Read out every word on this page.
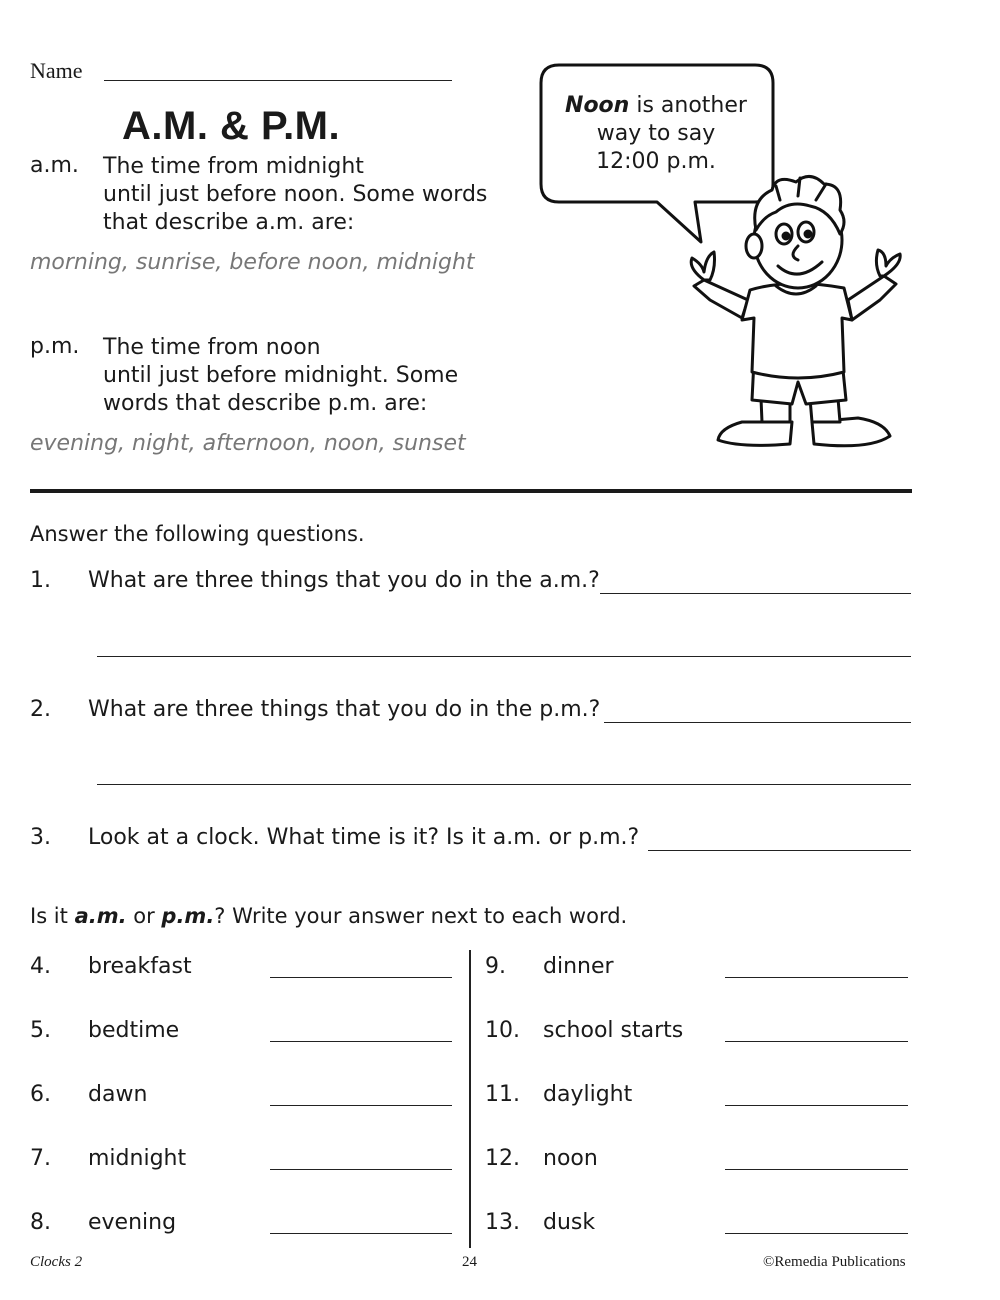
Name
A.M. & P.M.
a.m. The time from midnight
until just before noon. Some words
that describe a.m. are:
morning, sunrise, before noon, midnight
p.m. The time from noon
until just before midnight. Some
words that describe p.m. are:
evening, night, afternoon, noon, sunset
Noon is another
way to say
12:00 p.m.
Answer the following questions.
1. What are three things that you do in the a.m.?
2. What are three things that you do in the p.m.?
3. Look at a clock. What time is it? Is it a.m. or p.m.?
Is it a.m. or p.m.? Write your answer next to each word.
4. breakfast
5. bedtime
6. dawn
7. midnight
8. evening
9. dinner
10. school starts
11. daylight
12. noon
13. dusk
Clocks 2	24	©Remedia Publications
